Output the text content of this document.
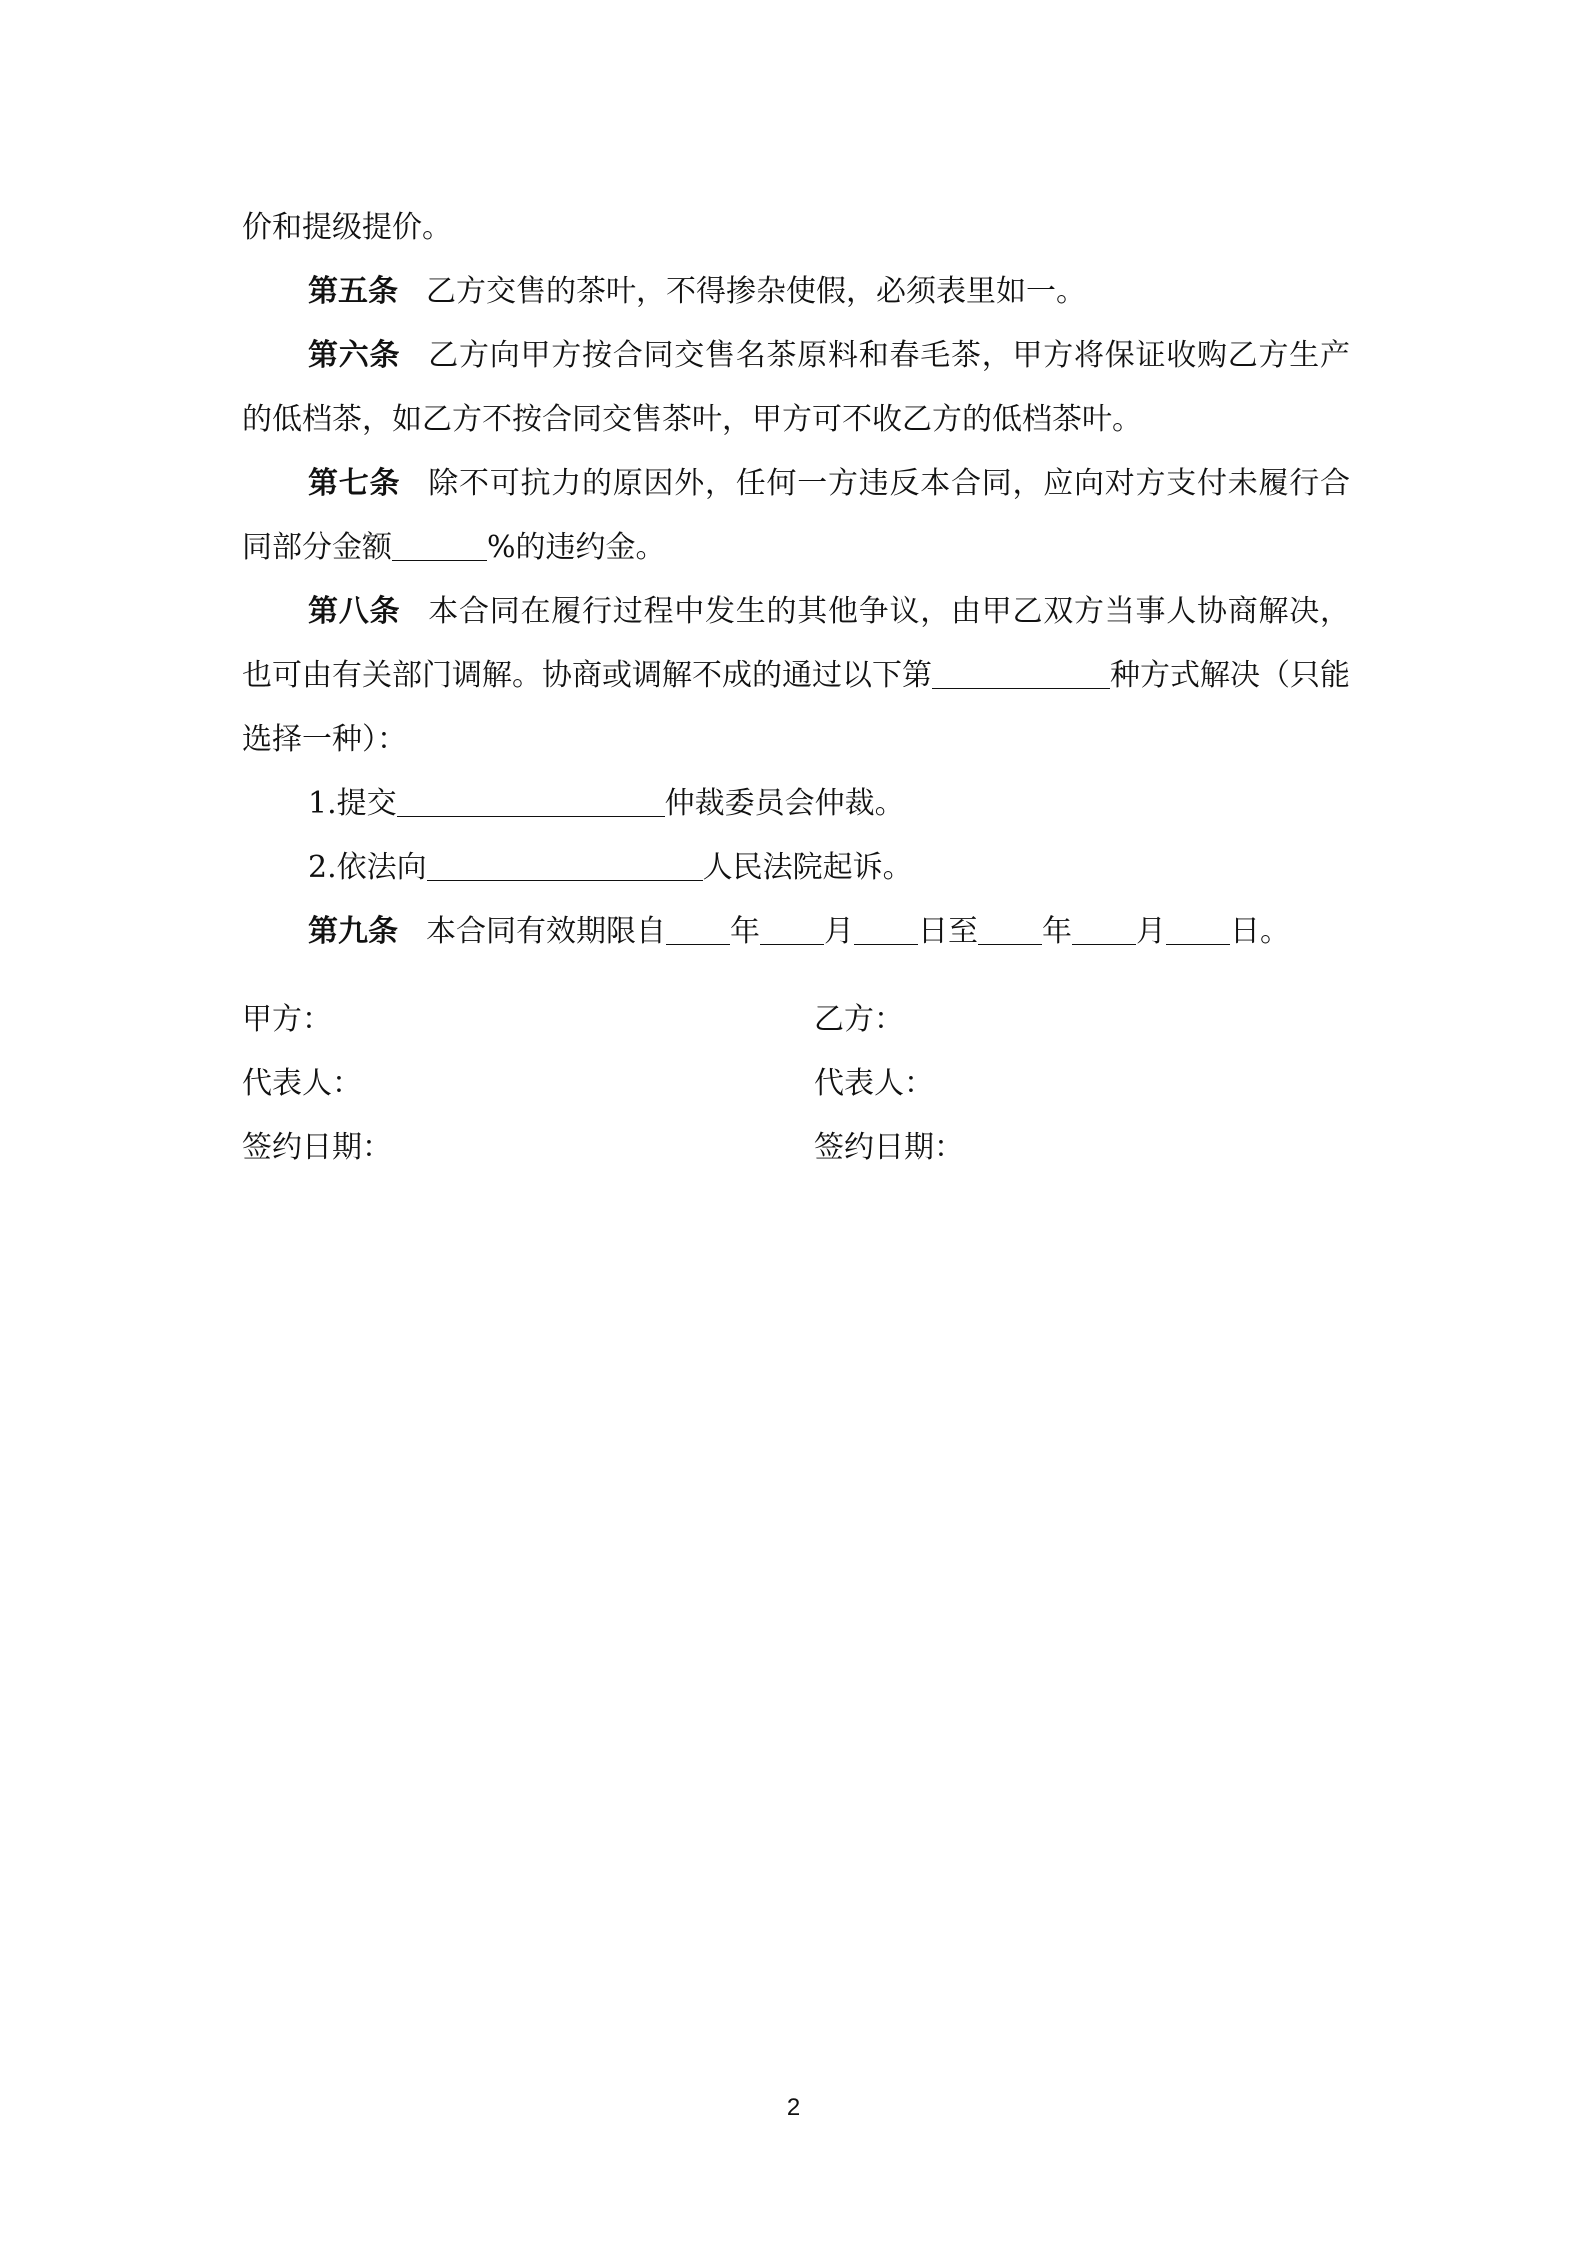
价和提级提价。

第五条 乙方交售的茶叶，不得掺杂使假，必须表里如一。

第六条 乙方向甲方按合同交售名茶原料和春毛茶，甲方将保证收购乙方生产的低档茶，如乙方不按合同交售茶叶，甲方可不收乙方的低档茶叶。

第七条 除不可抗力的原因外，任何一方违反本合同，应向对方支付未履行合同部分金额	%的违约金。

第八条 本合同在履行过程中发生的其他争议，由甲乙双方当事人协商解决，也可由有关部门调解。协商或调解不成的通过以下第	种方式解决（只能选择一种）：

1.提交	仲裁委员会仲裁。

2.依法向	人民法院起诉。

第九条 本合同有效期限自 年 月 日至 年 月 日。

甲方：	乙方：
代表人：	代表人：
签约日期：	签约日期：
2
